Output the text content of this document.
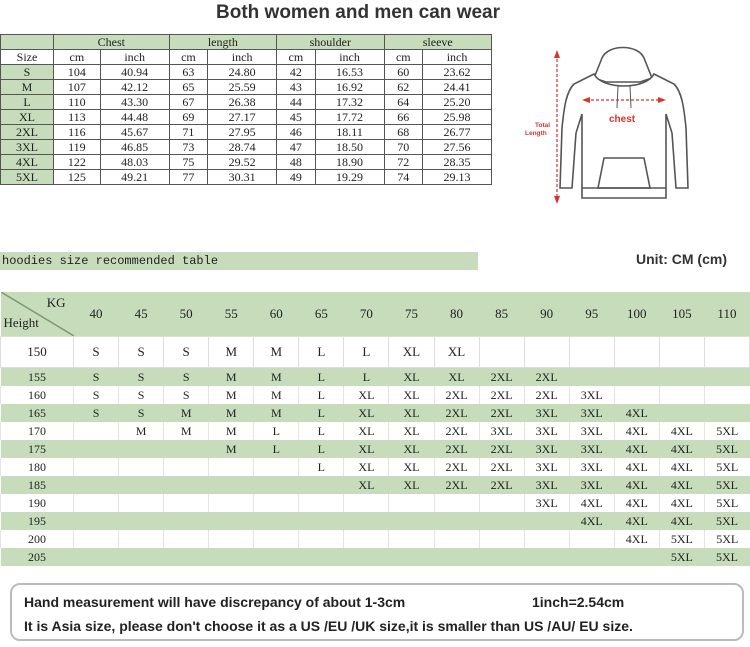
Both women and men can wear
	Chest		length		shoulder		sleeve	
Size	cm	inch	cm	inch	cm	inch	cm	inch
S	104	40.94	63	24.80	42	16.53	60	23.62
M	107	42.12	65	25.59	43	16.92	62	24.41
L	110	43.30	67	26.38	44	17.32	64	25.20
XL	113	44.48	69	27.17	45	17.72	66	25.98
2XL	116	45.67	71	27.95	46	18.11	68	26.77
3XL	119	46.85	73	28.74	47	18.50	70	27.56
4XL	122	48.03	75	29.52	48	18.90	72	28.35
5XL	125	49.21	77	30.31	49	19.29	74	29.13
Total
Length
chest
hoodies size recommended table	Unit: CM (cm)
KG
Height	40	45	50	55	60	65	70	75	80	85	90	95	100	105	110
150	S	S	S	M	M	L	L	XL	XL						
155	S	S	S	M	M	L	L	XL	XL	2XL	2XL				
160	S	S	S	M	M	L	XL	XL	2XL	2XL	2XL	3XL			
165	S	S	M	M	M	L	XL	XL	2XL	2XL	3XL	3XL	4XL		
170		M	M	M	L	L	XL	XL	2XL	3XL	3XL	3XL	4XL	4XL	5XL
175				M	L	L	XL	XL	2XL	2XL	3XL	3XL	4XL	4XL	5XL
180						L	XL	XL	2XL	2XL	3XL	3XL	4XL	4XL	5XL
185							XL	XL	2XL	2XL	3XL	3XL	4XL	4XL	5XL
190											3XL	4XL	4XL	4XL	5XL
195												4XL	4XL	4XL	5XL
200													4XL	5XL	5XL
205														5XL	5XL
Hand measurement will have discrepancy of about 1-3cm	1inch=2.54cm
It is Asia size, please don't choose it as a US /EU /UK size,it is smaller than US /AU/ EU size.
